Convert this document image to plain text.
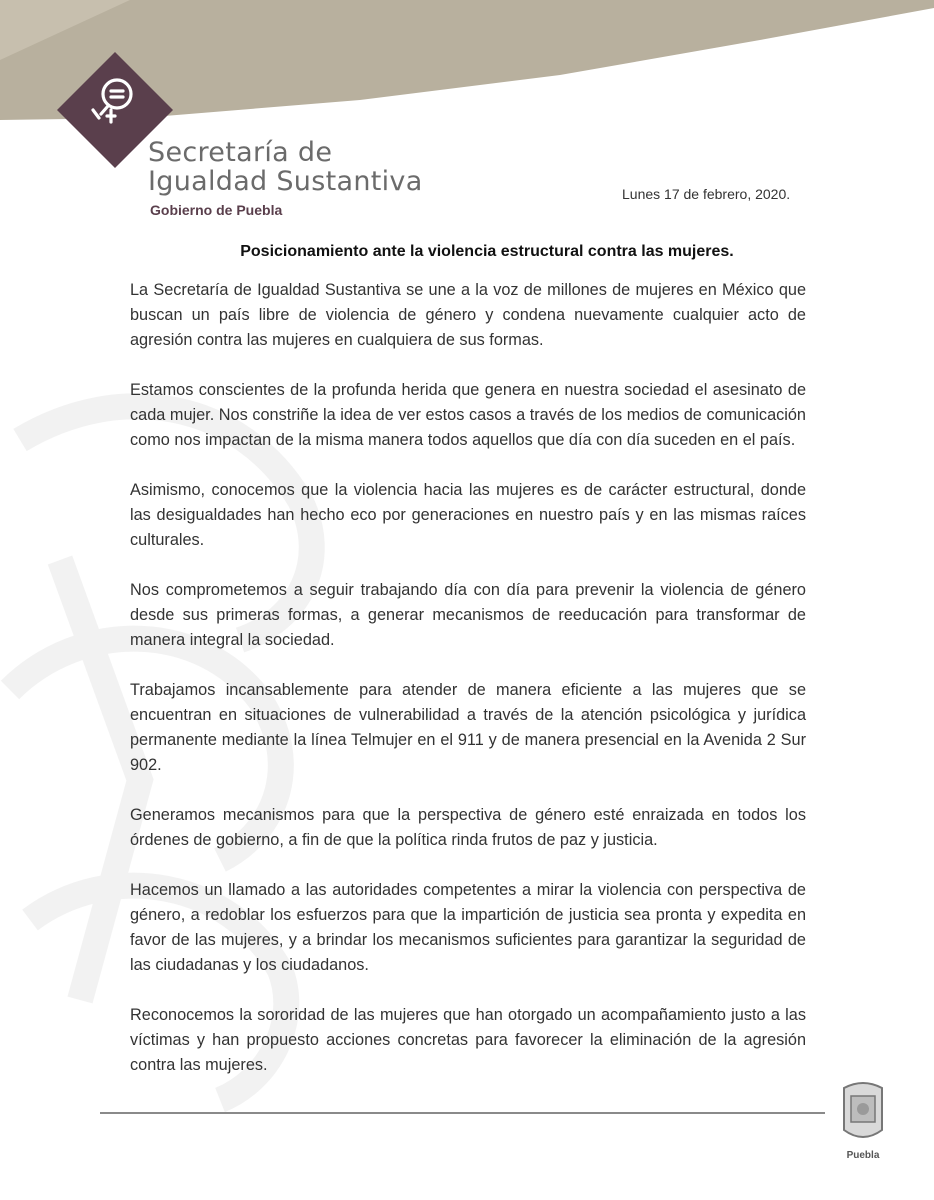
Secretaría de
Igualdad Sustantiva
Gobierno de Puebla
Lunes 17 de febrero, 2020.
Posicionamiento ante la violencia estructural contra las mujeres.

La Secretaría de Igualdad Sustantiva se une a la voz de millones de mujeres en México que buscan un país libre de violencia de género y condena nuevamente cualquier acto de agresión contra las mujeres en cualquiera de sus formas.

Estamos conscientes de la profunda herida que genera en nuestra sociedad el asesinato de cada mujer. Nos constriñe la idea de ver estos casos a través de los medios de comunicación como nos impactan de la misma manera todos aquellos que día con día suceden en el país.

Asimismo, conocemos que la violencia hacia las mujeres es de carácter estructural, donde las desigualdades han hecho eco por generaciones en nuestro país y en las mismas raíces culturales.

Nos comprometemos a seguir trabajando día con día para prevenir la violencia de género desde sus primeras formas, a generar mecanismos de reeducación para transformar de manera integral la sociedad.

Trabajamos incansablemente para atender de manera eficiente a las mujeres que se encuentran en situaciones de vulnerabilidad a través de la atención psicológica y jurídica permanente mediante la línea Telmujer en el 911 y de manera presencial en la Avenida 2 Sur 902.

Generamos mecanismos para que la perspectiva de género esté enraizada en todos los órdenes de gobierno, a fin de que la política rinda frutos de paz y justicia.

Hacemos un llamado a las autoridades competentes a mirar la violencia con perspectiva de género, a redoblar los esfuerzos para que la impartición de justicia sea pronta y expedita en favor de las mujeres, y a brindar los mecanismos suficientes para garantizar la seguridad de las ciudadanas y los ciudadanos.

Reconocemos la sororidad de las mujeres que han otorgado un acompañamiento justo a las víctimas y han propuesto acciones concretas para favorecer la eliminación de la agresión contra las mujeres.

Puebla
